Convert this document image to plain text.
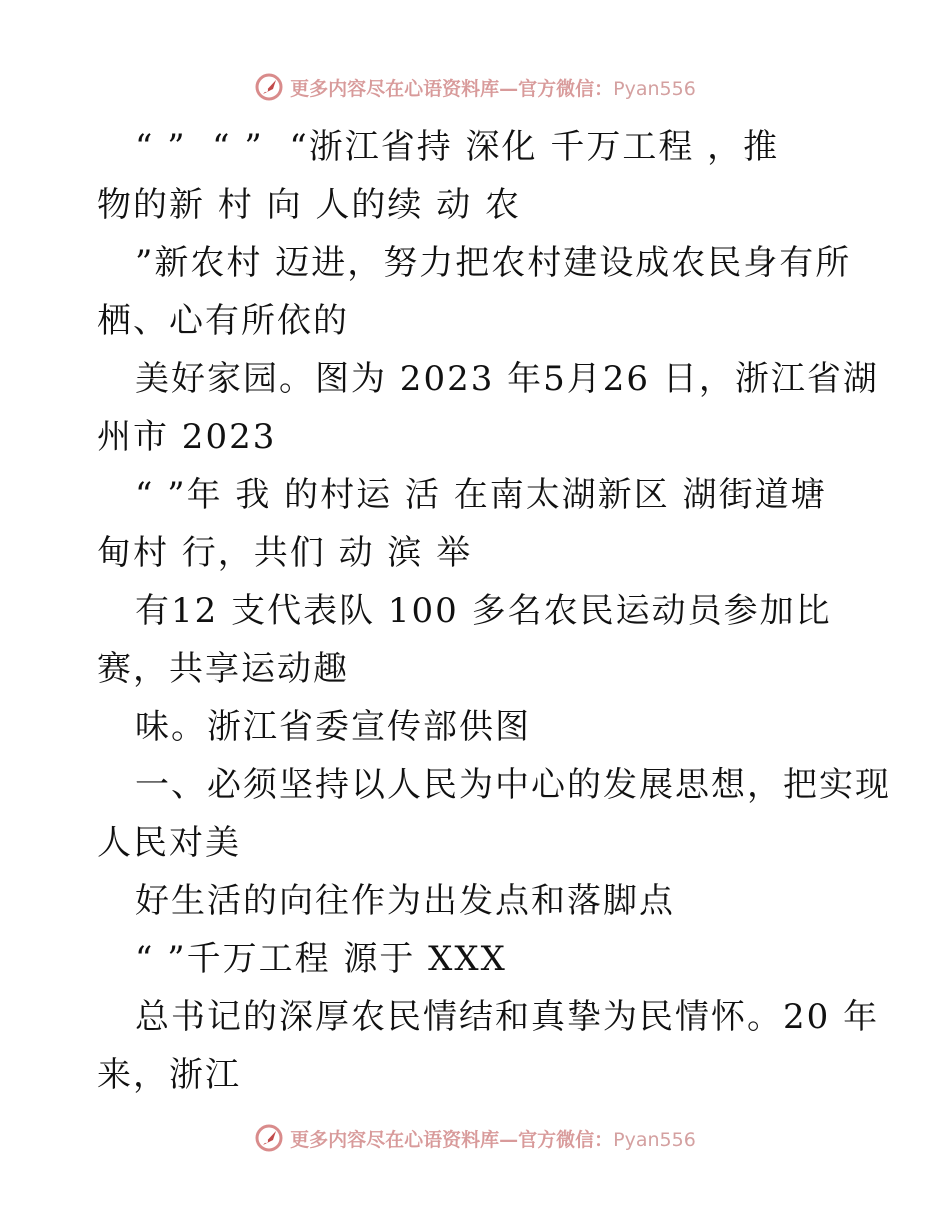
更多内容尽在心语资料库—官方微信：Pyan556
“ ”  “ ”  “浙江省持 深化 千万工程 ，推
物的新 村 向 人的续 动 农
”新农村 迈进，努力把农村建设成农民身有所
栖、心有所依的
美好家园。图为 2023 年5月26 日，浙江省湖
州市 2023
“ ”年 我 的村运 活 在南太湖新区 湖街道塘
甸村 行，共们 动 滨 举
有12 支代表队 100 多名农民运动员参加比
赛，共享运动趣
味。浙江省委宣传部供图
一、必须坚持以人民为中心的发展思想，把实现
人民对美
好生活的向往作为出发点和落脚点
“ ”千万工程 源于 XXX
总书记的深厚农民情结和真挚为民情怀。20 年
来，浙江
更多内容尽在心语资料库—官方微信：Pyan556
